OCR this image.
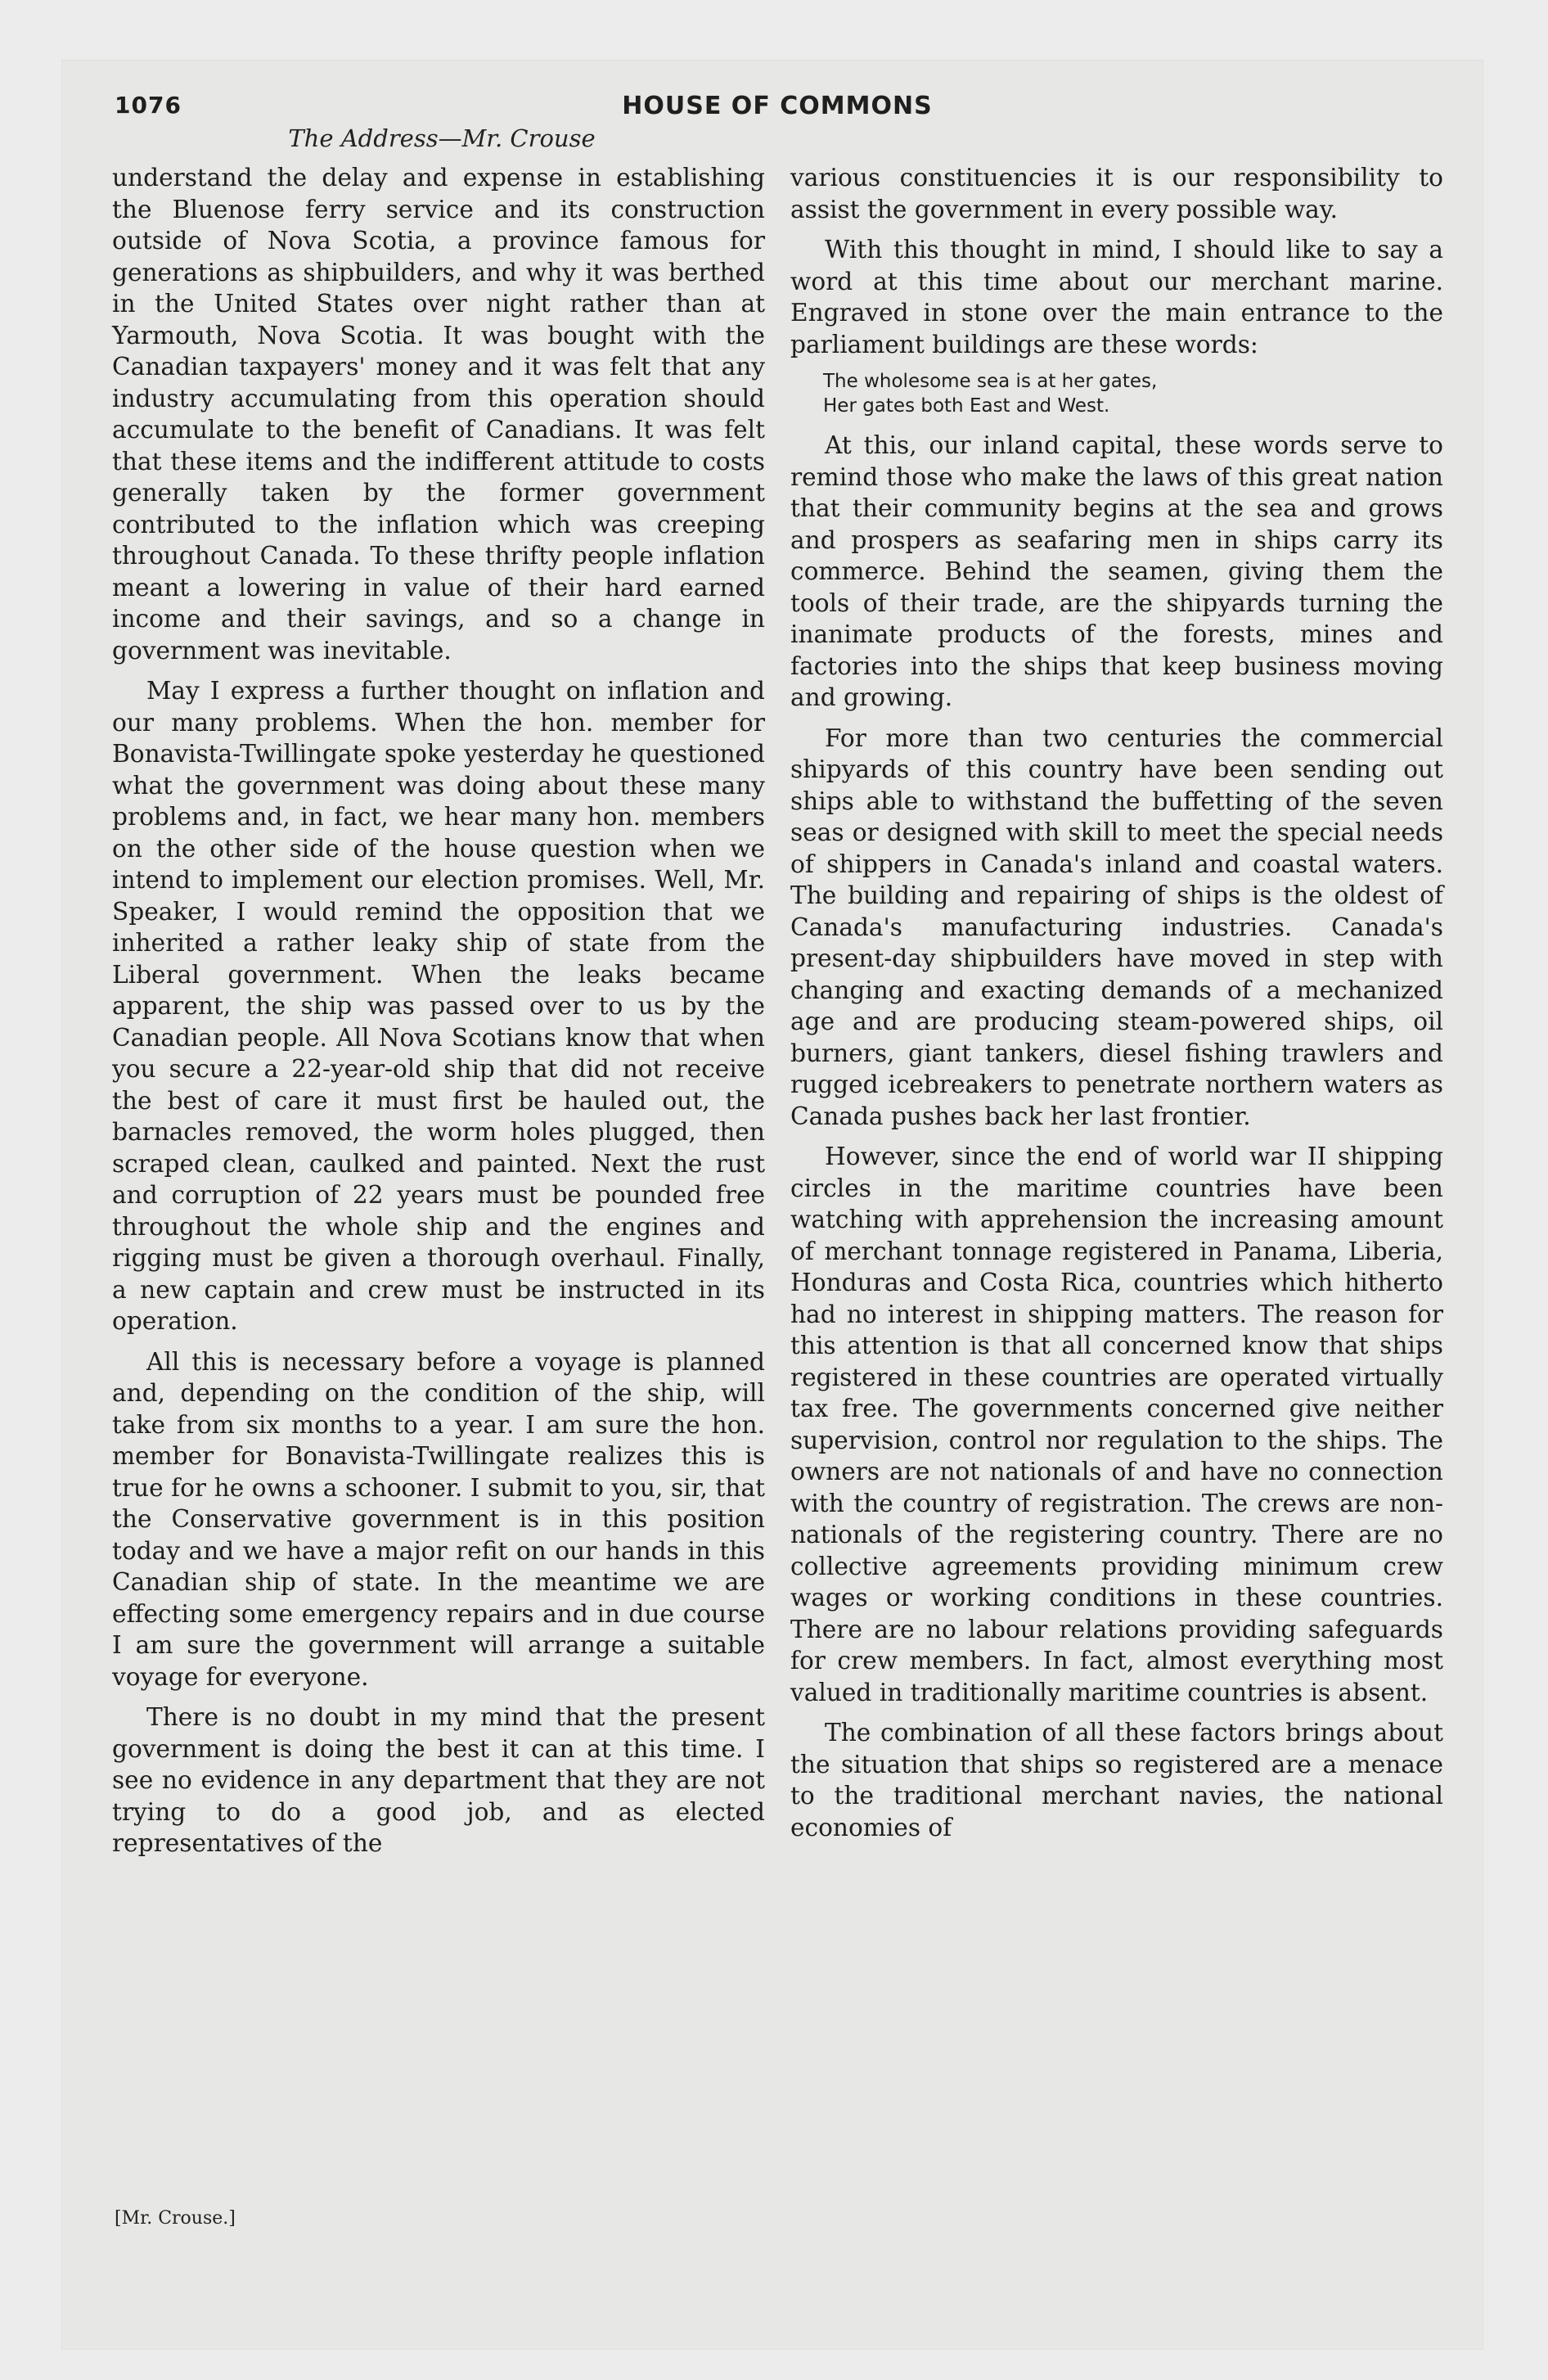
1076	HOUSE OF COMMONS
The Address—Mr. Crouse

understand the delay and expense in establishing the Bluenose ferry service and its construction outside of Nova Scotia, a province famous for generations as shipbuilders, and why it was berthed in the United States over night rather than at Yarmouth, Nova Scotia. It was bought with the Canadian taxpayers' money and it was felt that any industry accumulating from this operation should accumulate to the benefit of Canadians. It was felt that these items and the indifferent attitude to costs generally taken by the former government contributed to the inflation which was creeping throughout Canada. To these thrifty people inflation meant a lowering in value of their hard earned income and their savings, and so a change in government was inevitable.

May I express a further thought on inflation and our many problems. When the hon. member for Bonavista-Twillingate spoke yesterday he questioned what the government was doing about these many problems and, in fact, we hear many hon. members on the other side of the house question when we intend to implement our election promises. Well, Mr. Speaker, I would remind the opposition that we inherited a rather leaky ship of state from the Liberal government. When the leaks became apparent, the ship was passed over to us by the Canadian people. All Nova Scotians know that when you secure a 22-year-old ship that did not receive the best of care it must first be hauled out, the barnacles removed, the worm holes plugged, then scraped clean, caulked and painted. Next the rust and corruption of 22 years must be pounded free throughout the whole ship and the engines and rigging must be given a thorough overhaul. Finally, a new captain and crew must be instructed in its operation.

All this is necessary before a voyage is planned and, depending on the condition of the ship, will take from six months to a year. I am sure the hon. member for Bonavista-Twillingate realizes this is true for he owns a schooner. I submit to you, sir, that the Conservative government is in this position today and we have a major refit on our hands in this Canadian ship of state. In the meantime we are effecting some emergency repairs and in due course I am sure the government will arrange a suitable voyage for everyone.

There is no doubt in my mind that the present government is doing the best it can at this time. I see no evidence in any department that they are not trying to do a good job, and as elected representatives of the

various constituencies it is our responsibility to assist the government in every possible way.

With this thought in mind, I should like to say a word at this time about our merchant marine. Engraved in stone over the main entrance to the parliament buildings are these words:

The wholesome sea is at her gates,
Her gates both East and West.

At this, our inland capital, these words serve to remind those who make the laws of this great nation that their community begins at the sea and grows and prospers as seafaring men in ships carry its commerce. Behind the seamen, giving them the tools of their trade, are the shipyards turning the inanimate products of the forests, mines and factories into the ships that keep business moving and growing.

For more than two centuries the commercial shipyards of this country have been sending out ships able to withstand the buffetting of the seven seas or designed with skill to meet the special needs of shippers in Canada's inland and coastal waters. The building and repairing of ships is the oldest of Canada's manufacturing industries. Canada's present-day shipbuilders have moved in step with changing and exacting demands of a mechanized age and are producing steam-powered ships, oil burners, giant tankers, diesel fishing trawlers and rugged icebreakers to penetrate northern waters as Canada pushes back her last frontier.

However, since the end of world war II shipping circles in the maritime countries have been watching with apprehension the increasing amount of merchant tonnage registered in Panama, Liberia, Honduras and Costa Rica, countries which hitherto had no interest in shipping matters. The reason for this attention is that all concerned know that ships registered in these countries are operated virtually tax free. The governments concerned give neither supervision, control nor regulation to the ships. The owners are not nationals of and have no connection with the country of registration. The crews are non-nationals of the registering country. There are no collective agreements providing minimum crew wages or working conditions in these countries. There are no labour relations providing safeguards for crew members. In fact, almost everything most valued in traditionally maritime countries is absent.

The combination of all these factors brings about the situation that ships so registered are a menace to the traditional merchant navies, the national economies of

[Mr. Crouse.]
